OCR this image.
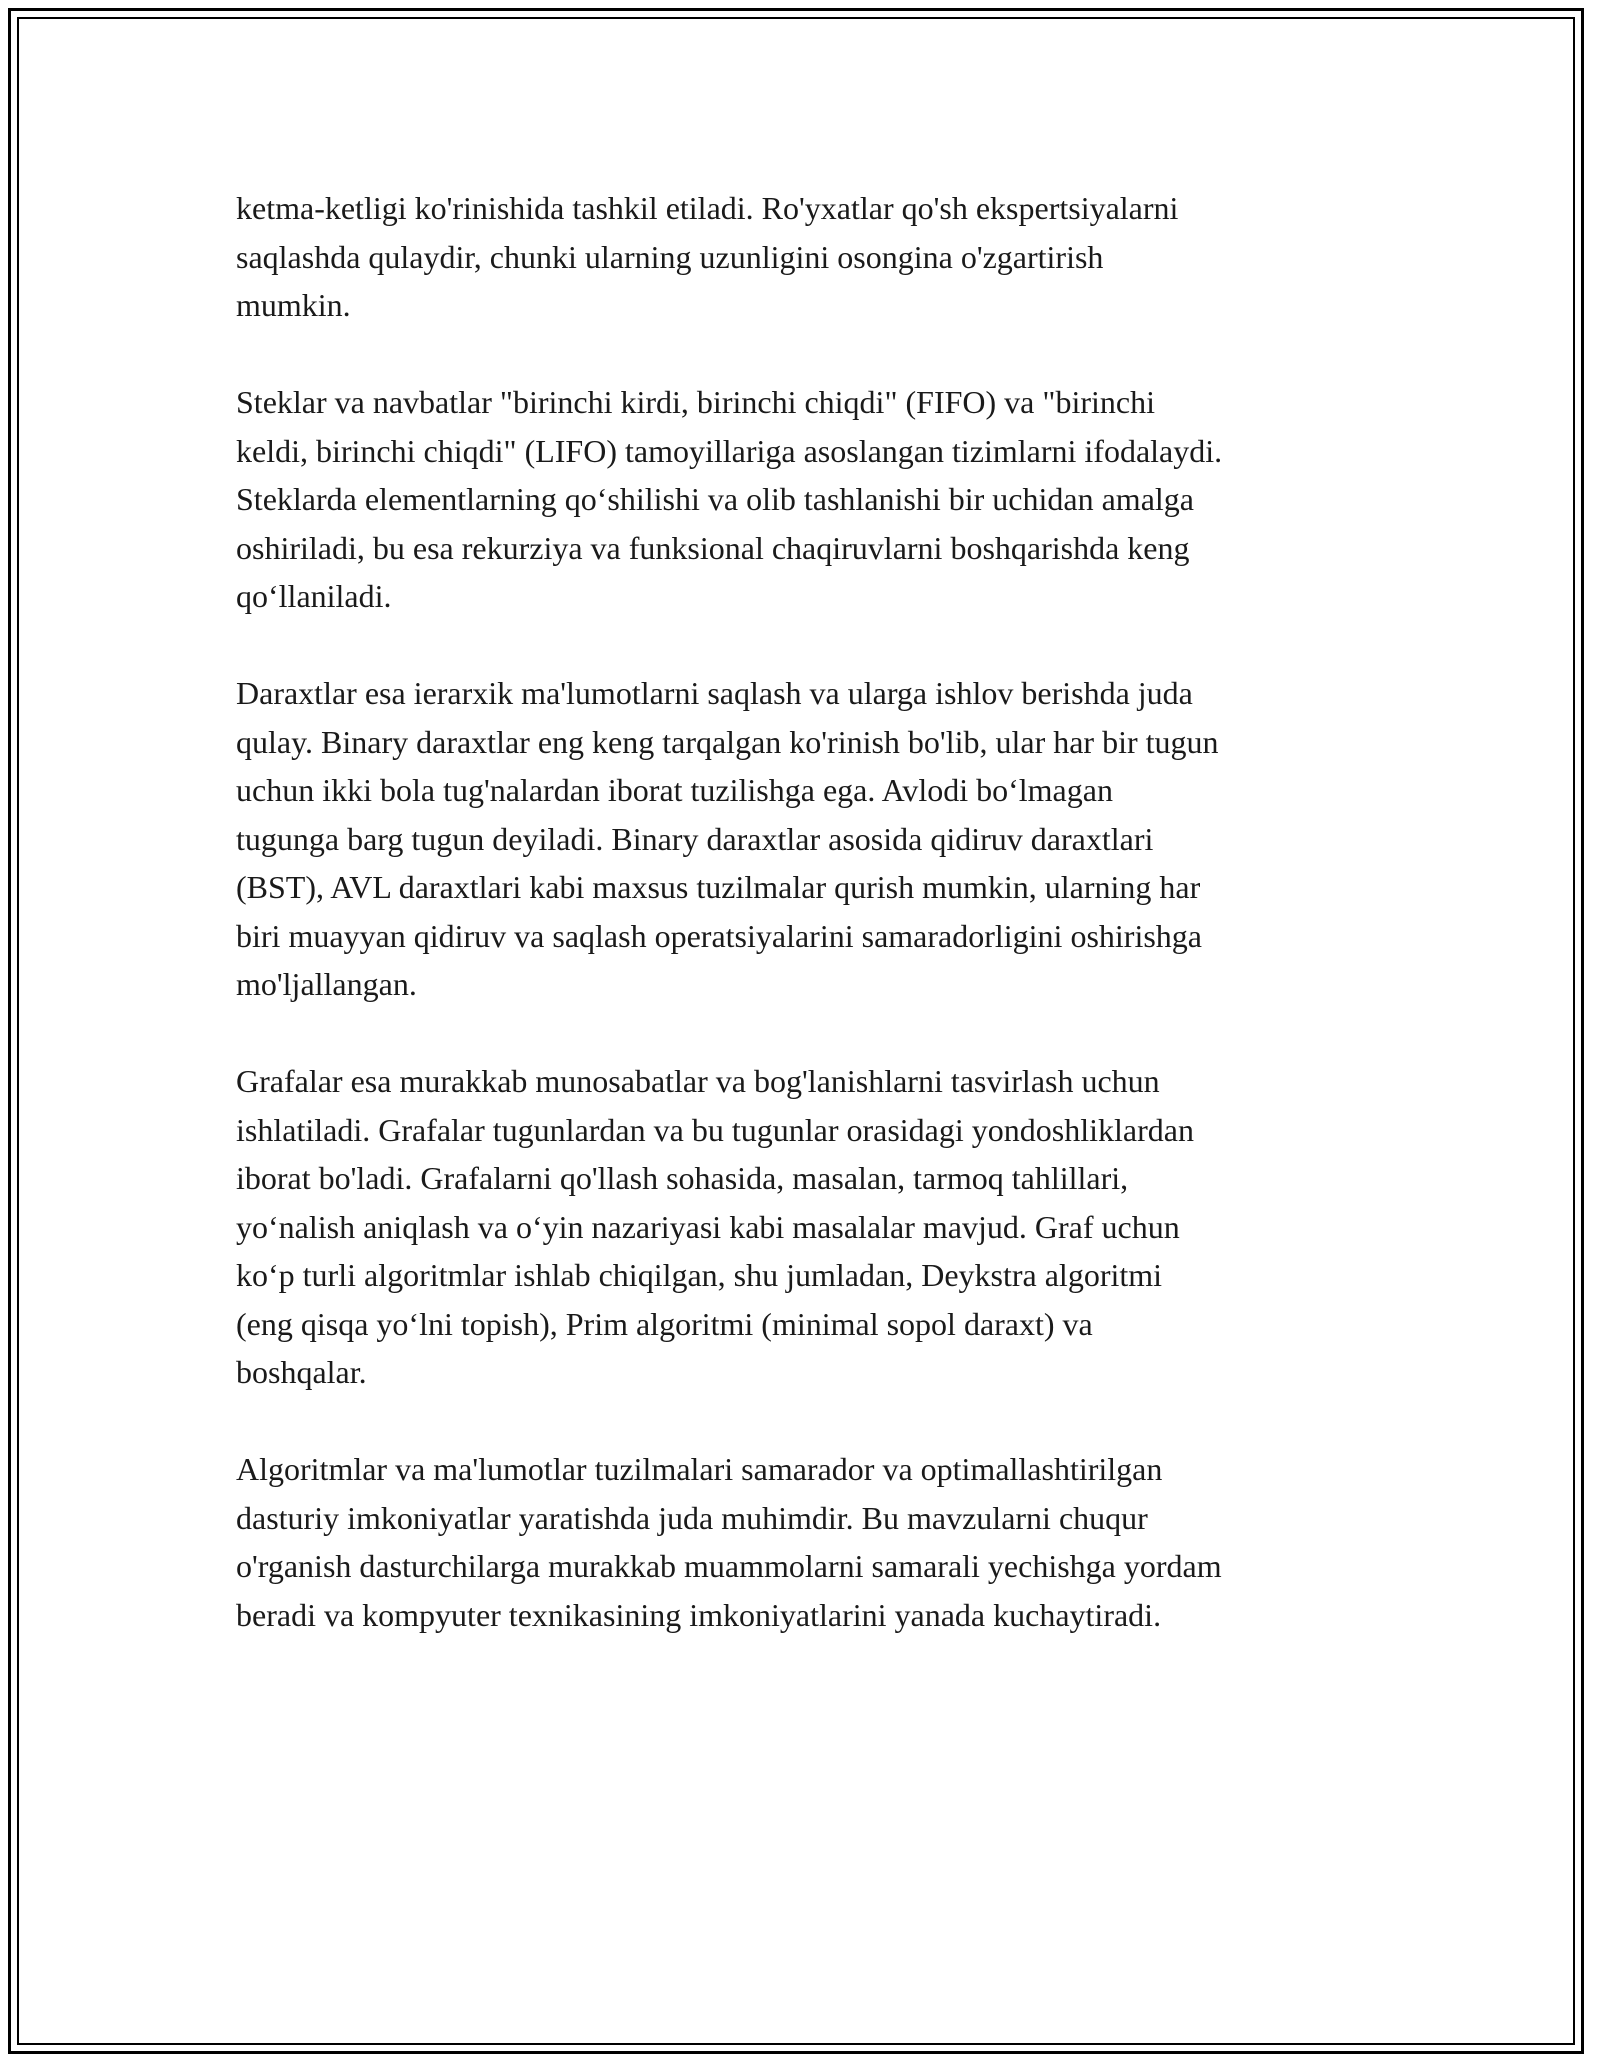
ketma-ketligi ko'rinishida tashkil etiladi. Ro'yxatlar qo'sh ekspertsiyalarni
saqlashda qulaydir, chunki ularning uzunligini osongina o'zgartirish
mumkin.

Steklar va navbatlar "birinchi kirdi, birinchi chiqdi" (FIFO) va "birinchi
keldi, birinchi chiqdi" (LIFO) tamoyillariga asoslangan tizimlarni ifodalaydi.
Steklarda elementlarning qo‘shilishi va olib tashlanishi bir uchidan amalga
oshiriladi, bu esa rekurziya va funksional chaqiruvlarni boshqarishda keng
qo‘llaniladi.

Daraxtlar esa ierarxik ma'lumotlarni saqlash va ularga ishlov berishda juda
qulay. Binary daraxtlar eng keng tarqalgan ko'rinish bo'lib, ular har bir tugun
uchun ikki bola tug'nalardan iborat tuzilishga ega. Avlodi bo‘lmagan
tugunga barg tugun deyiladi. Binary daraxtlar asosida qidiruv daraxtlari
(BST), AVL daraxtlari kabi maxsus tuzilmalar qurish mumkin, ularning har
biri muayyan qidiruv va saqlash operatsiyalarini samaradorligini oshirishga
mo'ljallangan.

Grafalar esa murakkab munosabatlar va bog'lanishlarni tasvirlash uchun
ishlatiladi. Grafalar tugunlardan va bu tugunlar orasidagi yondoshliklardan
iborat bo'ladi. Grafalarni qo'llash sohasida, masalan, tarmoq tahlillari,
yo‘nalish aniqlash va o‘yin nazariyasi kabi masalalar mavjud. Graf uchun
ko‘p turli algoritmlar ishlab chiqilgan, shu jumladan, Deykstra algoritmi
(eng qisqa yo‘lni topish), Prim algoritmi (minimal sopol daraxt) va
boshqalar.

Algoritmlar va ma'lumotlar tuzilmalari samarador va optimallashtirilgan
dasturiy imkoniyatlar yaratishda juda muhimdir. Bu mavzularni chuqur
o'rganish dasturchilarga murakkab muammolarni samarali yechishga yordam
beradi va kompyuter texnikasining imkoniyatlarini yanada kuchaytiradi.
